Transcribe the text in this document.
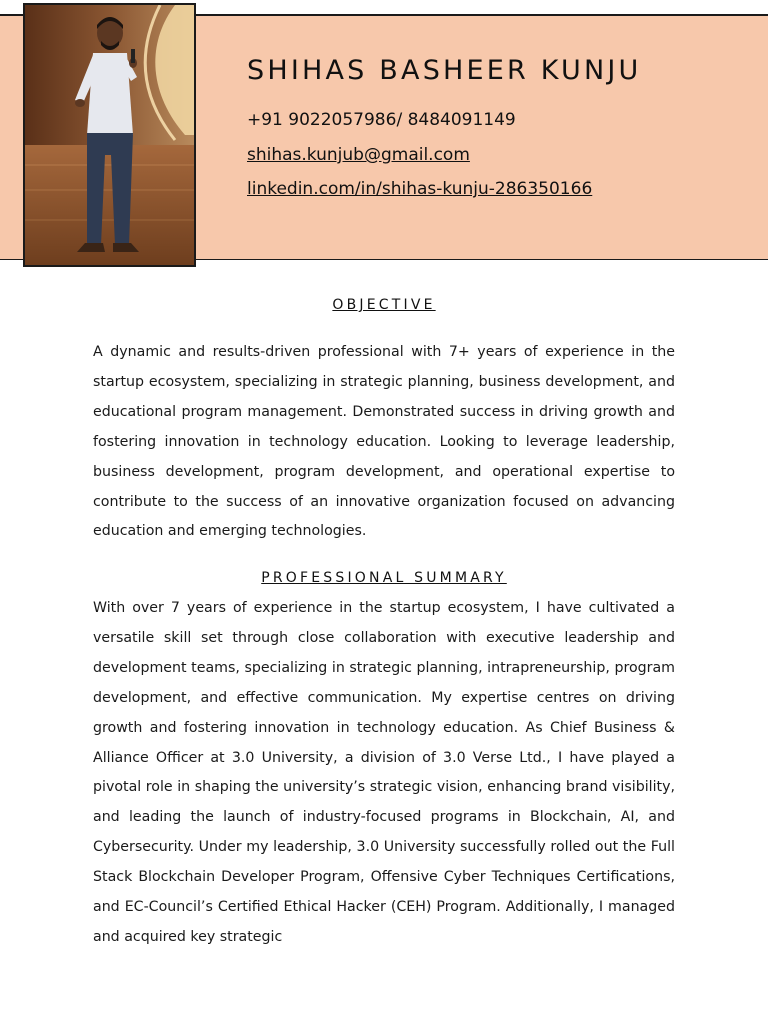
SHIHAS BASHEER KUNJU
+91 9022057986/ 8484091149
shihas.kunjub@gmail.com
linkedin.com/in/shihas-kunju-286350166
OBJECTIVE

A dynamic and results-driven professional with 7+ years of experience in the startup ecosystem, specializing in strategic planning, business development, and educational program management. Demonstrated success in driving growth and fostering innovation in technology education. Looking to leverage leadership, business development, program development, and operational expertise to contribute to the success of an innovative organization focused on advancing education and emerging technologies.

PROFESSIONAL SUMMARY

With over 7 years of experience in the startup ecosystem, I have cultivated a versatile skill set through close collaboration with executive leadership and development teams, specializing in strategic planning, intrapreneurship, program development, and effective communication. My expertise centres on driving growth and fostering innovation in technology education. As Chief Business & Alliance Officer at 3.0 University, a division of 3.0 Verse Ltd., I have played a pivotal role in shaping the university’s strategic vision, enhancing brand visibility, and leading the launch of industry-focused programs in Blockchain, AI, and Cybersecurity. Under my leadership, 3.0 University successfully rolled out the Full Stack Blockchain Developer Program, Offensive Cyber Techniques Certifications, and EC-Council’s Certified Ethical Hacker (CEH) Program. Additionally, I managed and acquired key strategic
